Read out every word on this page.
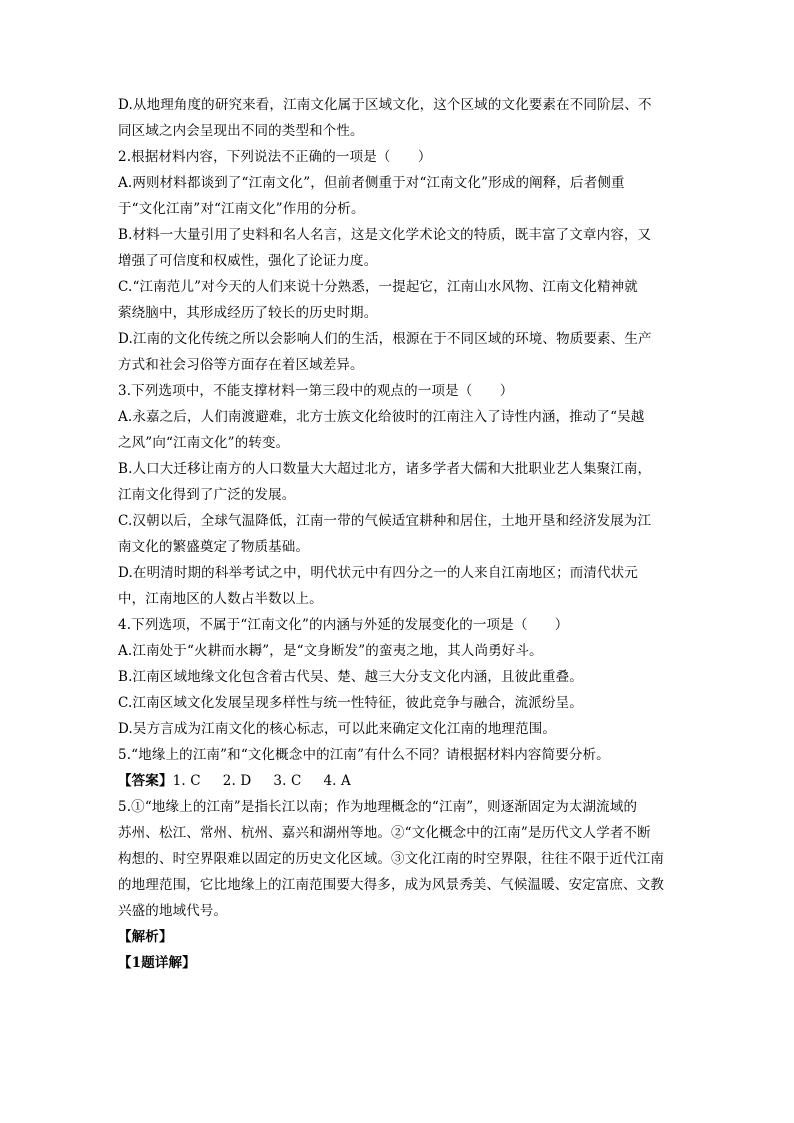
D.从地理角度的研究来看，江南文化属于区域文化，这个区域的文化要素在不同阶层、不
同区域之内会呈现出不同的类型和个性。
2.根据材料内容，下列说法不正确的一项是（　　）
A.两则材料都谈到了“江南文化”，但前者侧重于对“江南文化”形成的阐释，后者侧重
于“文化江南”对“江南文化”作用的分析。
B.材料一大量引用了史料和名人名言，这是文化学术论文的特质，既丰富了文章内容，又
增强了可信度和权威性，强化了论证力度。
C.“江南范儿”对今天的人们来说十分熟悉，一提起它，江南山水风物、江南文化精神就
萦绕脑中，其形成经历了较长的历史时期。
D.江南的文化传统之所以会影响人们的生活，根源在于不同区域的环境、物质要素、生产
方式和社会习俗等方面存在着区域差异。
3.下列选项中，不能支撑材料一第三段中的观点的一项是（　　）
A.永嘉之后，人们南渡避难，北方士族文化给彼时的江南注入了诗性内涵，推动了“吴越
之风”向“江南文化”的转变。
B.人口大迁移让南方的人口数量大大超过北方，诸多学者大儒和大批职业艺人集聚江南，
江南文化得到了广泛的发展。
C.汉朝以后，全球气温降低，江南一带的气候适宜耕种和居住，土地开垦和经济发展为江
南文化的繁盛奠定了物质基础。
D.在明清时期的科举考试之中，明代状元中有四分之一的人来自江南地区；而清代状元
中，江南地区的人数占半数以上。
4.下列选项，不属于“江南文化”的内涵与外延的发展变化的一项是（　　）
A.江南处于“火耕而水耨”，是“文身断发”的蛮夷之地，其人尚勇好斗。
B.江南区域地缘文化包含着古代吴、楚、越三大分支文化内涵，且彼此重叠。
C.江南区域文化发展呈现多样性与统一性特征，彼此竞争与融合，流派纷呈。
D.吴方言成为江南文化的核心标志，可以此来确定文化江南的地理范围。
5.“地缘上的江南”和“文化概念中的江南”有什么不同？请根据材料内容简要分析。
【答案】1. C 2. D 3. C 4. A
5.①“地缘上的江南”是指长江以南；作为地理概念的“江南”，则逐渐固定为太湖流域的
苏州、松江、常州、杭州、嘉兴和湖州等地。②“文化概念中的江南”是历代文人学者不断
构想的、时空界限难以固定的历史文化区域。③文化江南的时空界限，往往不限于近代江南
的地理范围，它比地缘上的江南范围要大得多，成为风景秀美、气候温暖、安定富庶、文教
兴盛的地域代号。
【解析】
【1题详解】
